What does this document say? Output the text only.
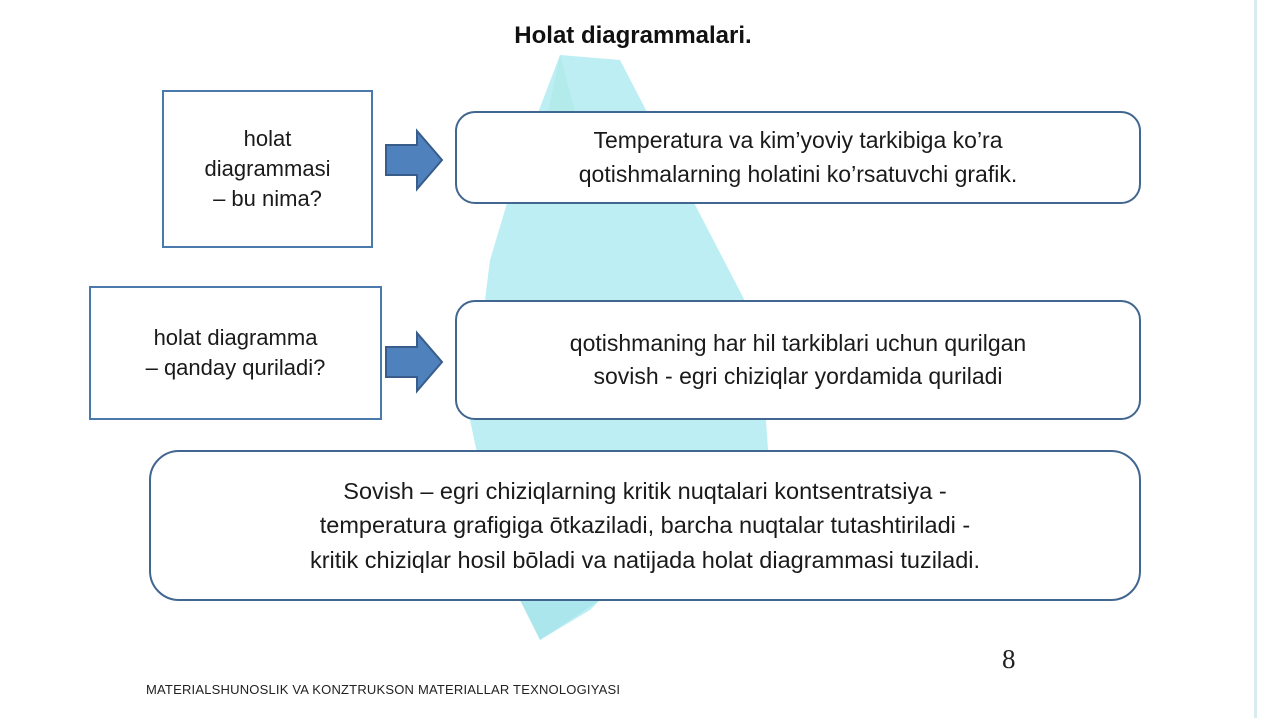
Holat diagrammalari.
holat
diagrammasi
– bu nima?
Temperatura va kim’yoviy tarkibiga ko’ra
qotishmalarning holatini ko’rsatuvchi grafik.
holat diagramma
– qanday quriladi?
qotishmaning har hil tarkiblari uchun qurilgan
sovish - egri chiziqlar yordamida quriladi
Sovish – egri chiziqlarning kritik nuqtalari kontsentratsiya -
temperatura grafigiga ōtkaziladi, barcha nuqtalar tutashtiriladi -
kritik chiziqlar hosil bōladi va natijada holat diagrammasi tuziladi.
8
MATERIALSHUNOSLIK VA KONZTRUKSON MATERIALLAR TEXNOLOGIYASI
